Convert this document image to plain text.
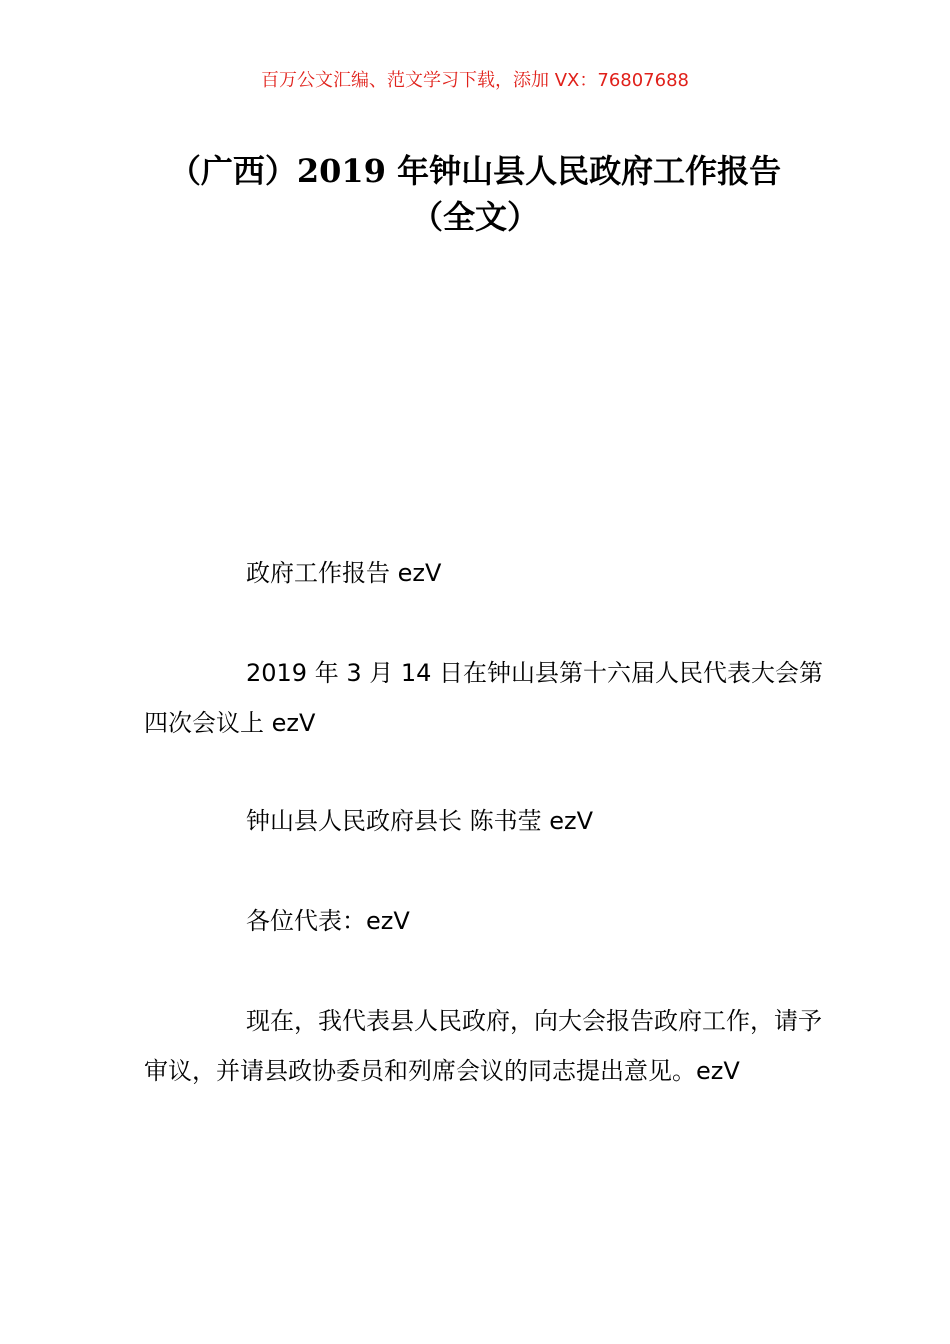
百万公文汇编、范文学习下载，添加 VX：76807688
（广西）2019 年钟山县人民政府工作报告
（全文）

政府工作报告 ezV

2019 年 3 月 14 日在钟山县第十六届人民代表大会第四次会议上 ezV

钟山县人民政府县长 陈书莹 ezV

各位代表：ezV

现在，我代表县人民政府，向大会报告政府工作，请予审议，并请县政协委员和列席会议的同志提出意见。ezV
